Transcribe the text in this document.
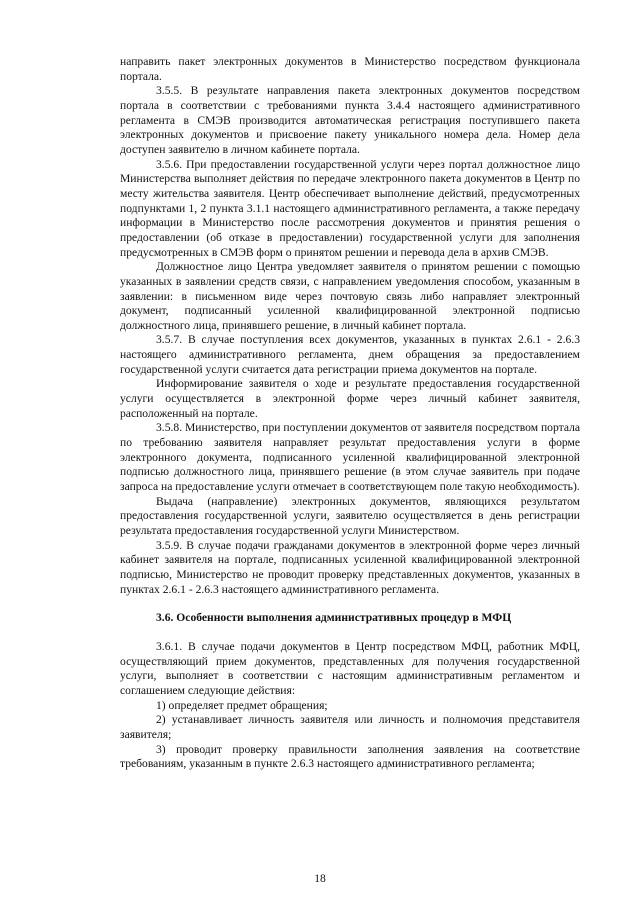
направить пакет электронных документов в Министерство посредством функционала портала.

3.5.5. В результате направления пакета электронных документов посредством портала в соответствии с требованиями пункта 3.4.4 настоящего административного регламента в СМЭВ производится автоматическая регистрация поступившего пакета электронных документов и присвоение пакету уникального номера дела. Номер дела доступен заявителю в личном кабинете портала.

3.5.6. При предоставлении государственной услуги через портал должностное лицо Министерства выполняет действия по передаче электронного пакета документов в Центр по месту жительства заявителя. Центр обеспечивает выполнение действий, предусмотренных подпунктами 1, 2 пункта 3.1.1 настоящего административного регламента, а также передачу информации в Министерство после рассмотрения документов и принятия решения о предоставлении (об отказе в предоставлении) государственной услуги для заполнения предусмотренных в СМЭВ форм о принятом решении и перевода дела в архив СМЭВ.

Должностное лицо Центра уведомляет заявителя о принятом решении с помощью указанных в заявлении средств связи, с направлением уведомления способом, указанным в заявлении: в письменном виде через почтовую связь либо направляет электронный документ, подписанный усиленной квалифицированной электронной подписью должностного лица, принявшего решение, в личный кабинет портала.

3.5.7. В случае поступления всех документов, указанных в пунктах 2.6.1 - 2.6.3 настоящего административного регламента, днем обращения за предоставлением государственной услуги считается дата регистрации приема документов на портале.

Информирование заявителя о ходе и результате предоставления государственной услуги осуществляется в электронной форме через личный кабинет заявителя, расположенный на портале.

3.5.8. Министерство, при поступлении документов от заявителя посредством портала по требованию заявителя направляет результат предоставления услуги в форме электронного документа, подписанного усиленной квалифицированной электронной подписью должностного лица, принявшего решение (в этом случае заявитель при подаче запроса на предоставление услуги отмечает в соответствующем поле такую необходимость).

Выдача (направление) электронных документов, являющихся результатом предоставления государственной услуги, заявителю осуществляется в день регистрации результата предоставления государственной услуги Министерством.

3.5.9. В случае подачи гражданами документов в электронной форме через личный кабинет заявителя на портале, подписанных усиленной квалифицированной электронной подписью, Министерство не проводит проверку представленных документов, указанных в пунктах 2.6.1 - 2.6.3 настоящего административного регламента.

3.6. Особенности выполнения административных процедур в МФЦ

3.6.1. В случае подачи документов в Центр посредством МФЦ, работник МФЦ, осуществляющий прием документов, представленных для получения государственной услуги, выполняет в соответствии с настоящим административным регламентом и соглашением следующие действия:

1) определяет предмет обращения;

2) устанавливает личность заявителя или личность и полномочия представителя заявителя;

3) проводит проверку правильности заполнения заявления на соответствие требованиям, указанным в пункте 2.6.3 настоящего административного регламента;

18
